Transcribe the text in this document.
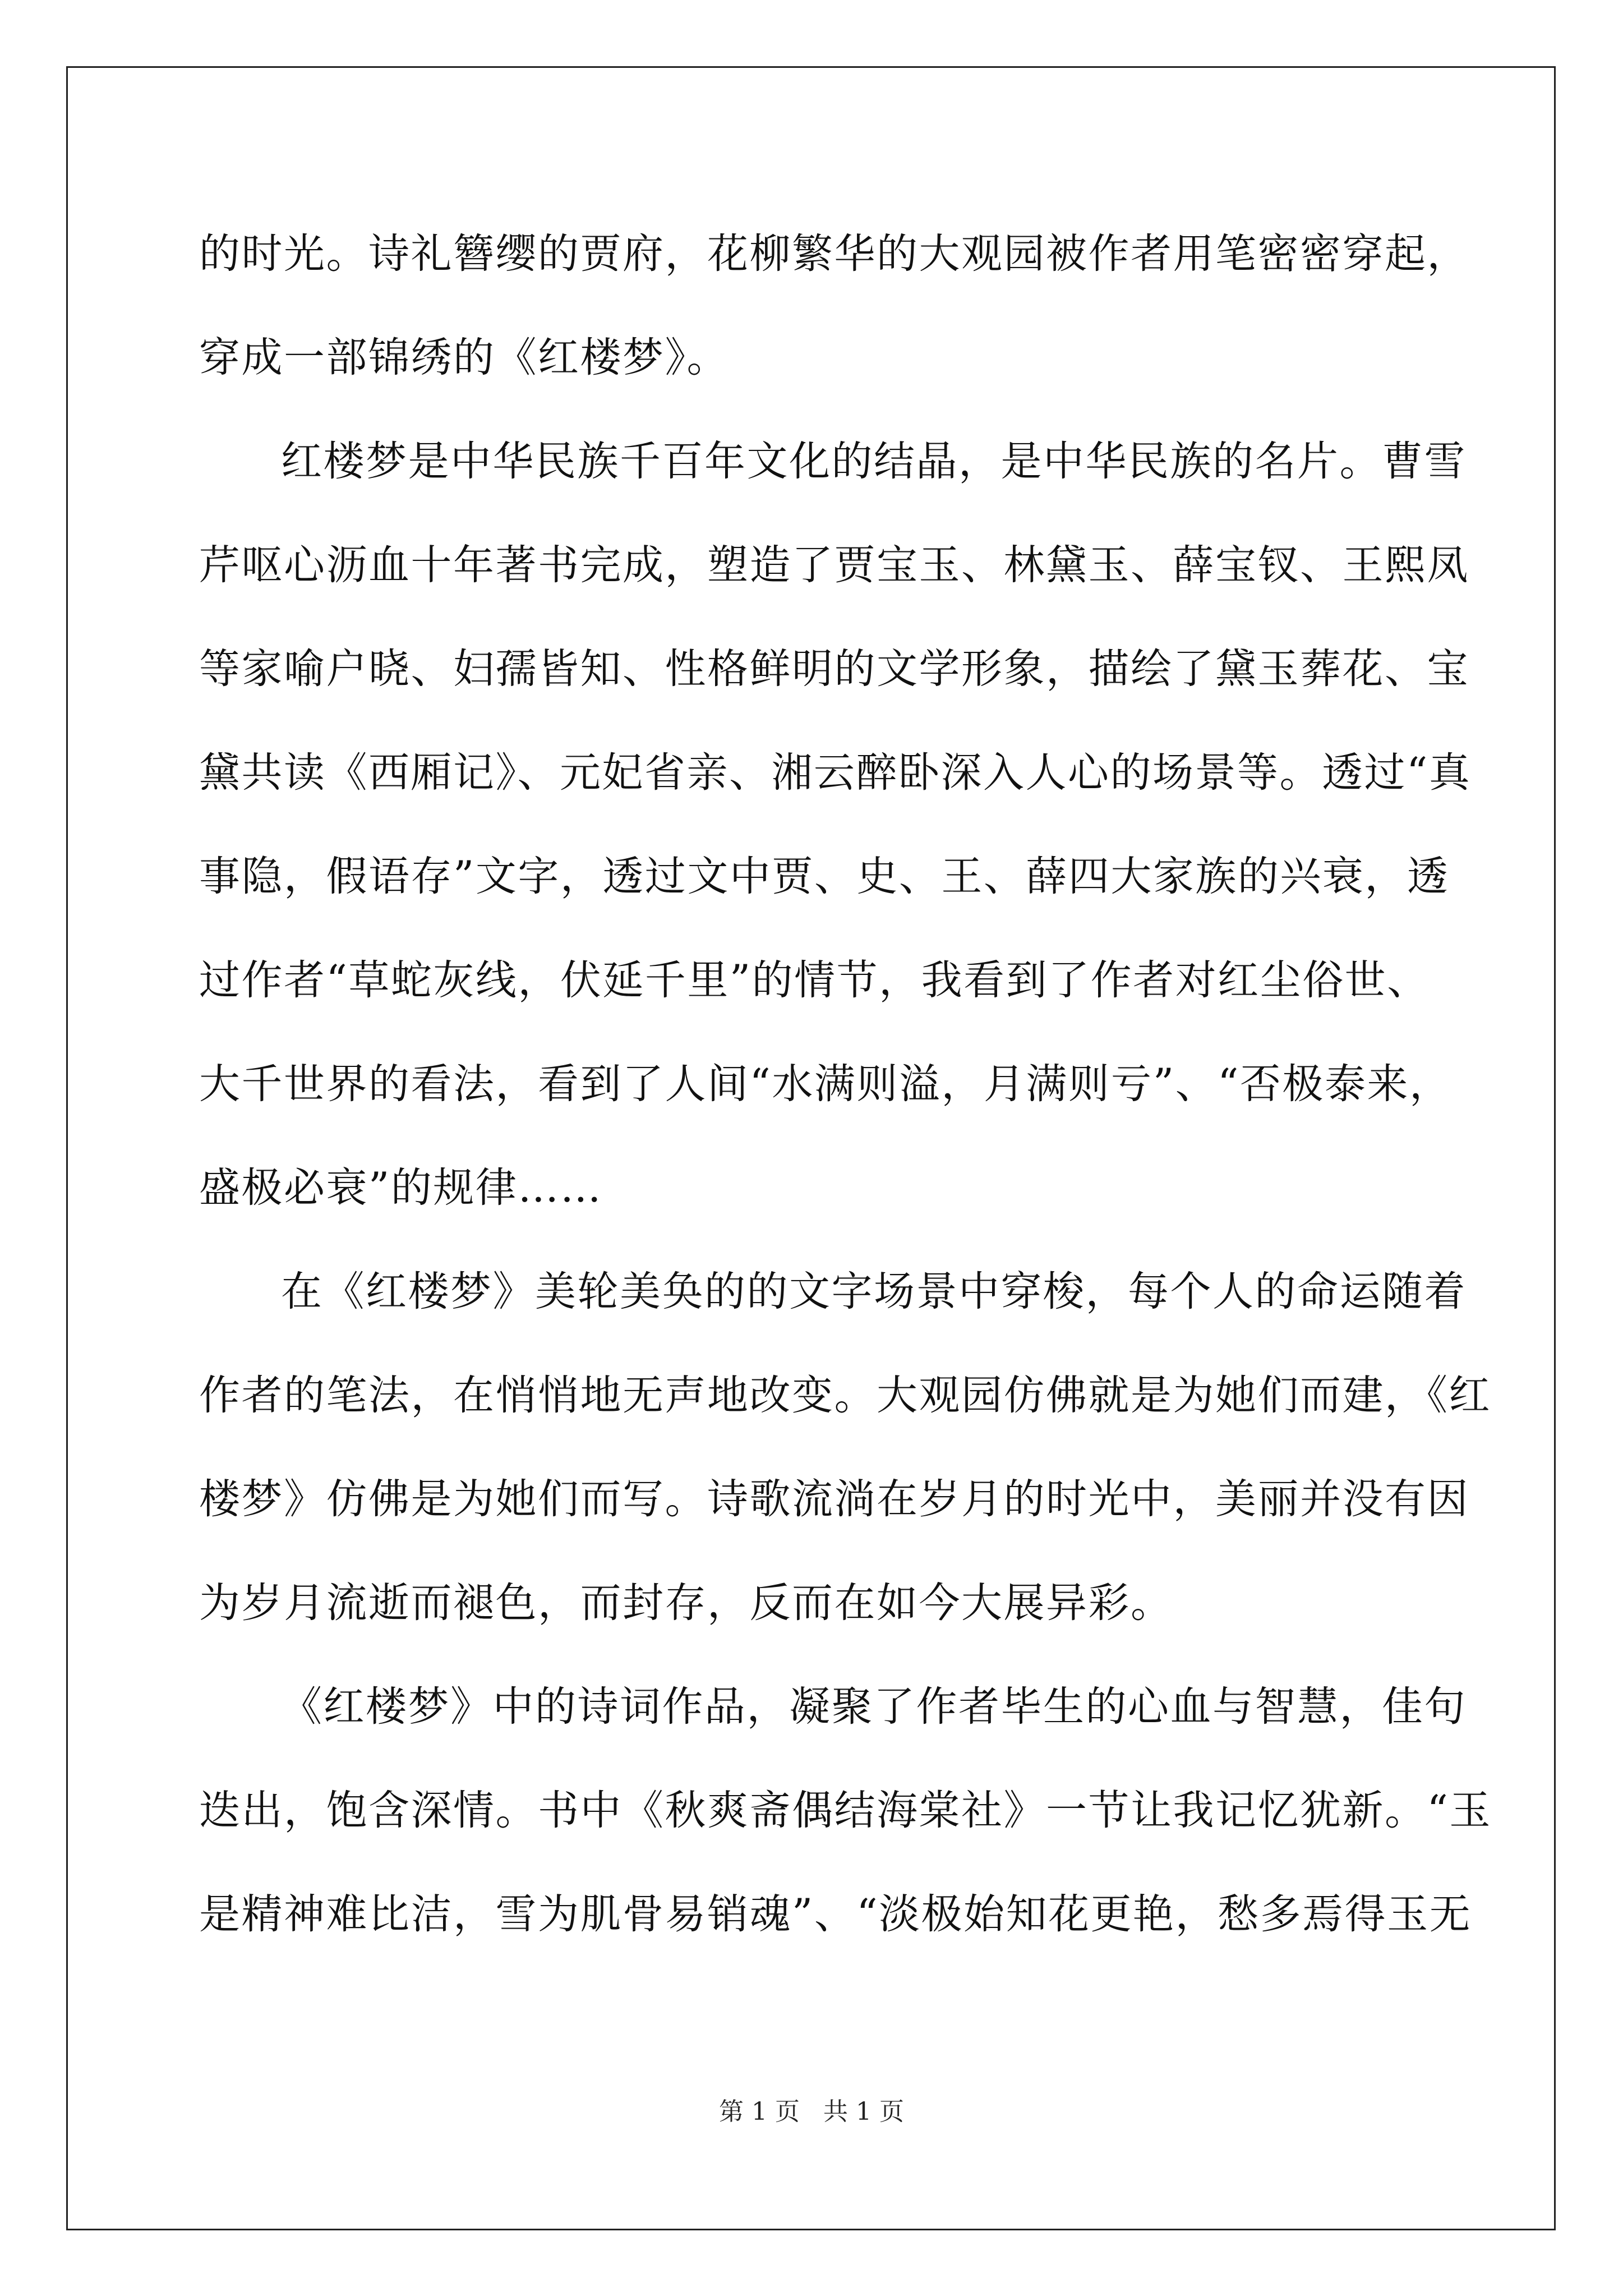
的时光。诗礼簪缨的贾府，花柳繁华的大观园被作者用笔密密穿起，
穿成一部锦绣的《红楼梦》。
红楼梦是中华民族千百年文化的结晶，是中华民族的名片。曹雪
芹呕心沥血十年著书完成，塑造了贾宝玉、林黛玉、薛宝钗、王熙凤
等家喻户晓、妇孺皆知、性格鲜明的文学形象，描绘了黛玉葬花、宝
黛共读《西厢记》、元妃省亲、湘云醉卧深入人心的场景等。透过“真
事隐，假语存”文字，透过文中贾、史、王、薛四大家族的兴衰，透
过作者“草蛇灰线，伏延千里”的情节，我看到了作者对红尘俗世、
大千世界的看法，看到了人间“水满则溢，月满则亏”、“否极泰来，
盛极必衰”的规律……
在《红楼梦》美轮美奂的的文字场景中穿梭，每个人的命运随着
作者的笔法，在悄悄地无声地改变。大观园仿佛就是为她们而建，《红
楼梦》仿佛是为她们而写。诗歌流淌在岁月的时光中，美丽并没有因
为岁月流逝而褪色，而封存，反而在如今大展异彩。
《红楼梦》中的诗词作品，凝聚了作者毕生的心血与智慧，佳句
迭出，饱含深情。书中《秋爽斋偶结海棠社》一节让我记忆犹新。“玉
是精神难比洁，雪为肌骨易销魂”、“淡极始知花更艳，愁多焉得玉无
第 1 页   共 1 页
